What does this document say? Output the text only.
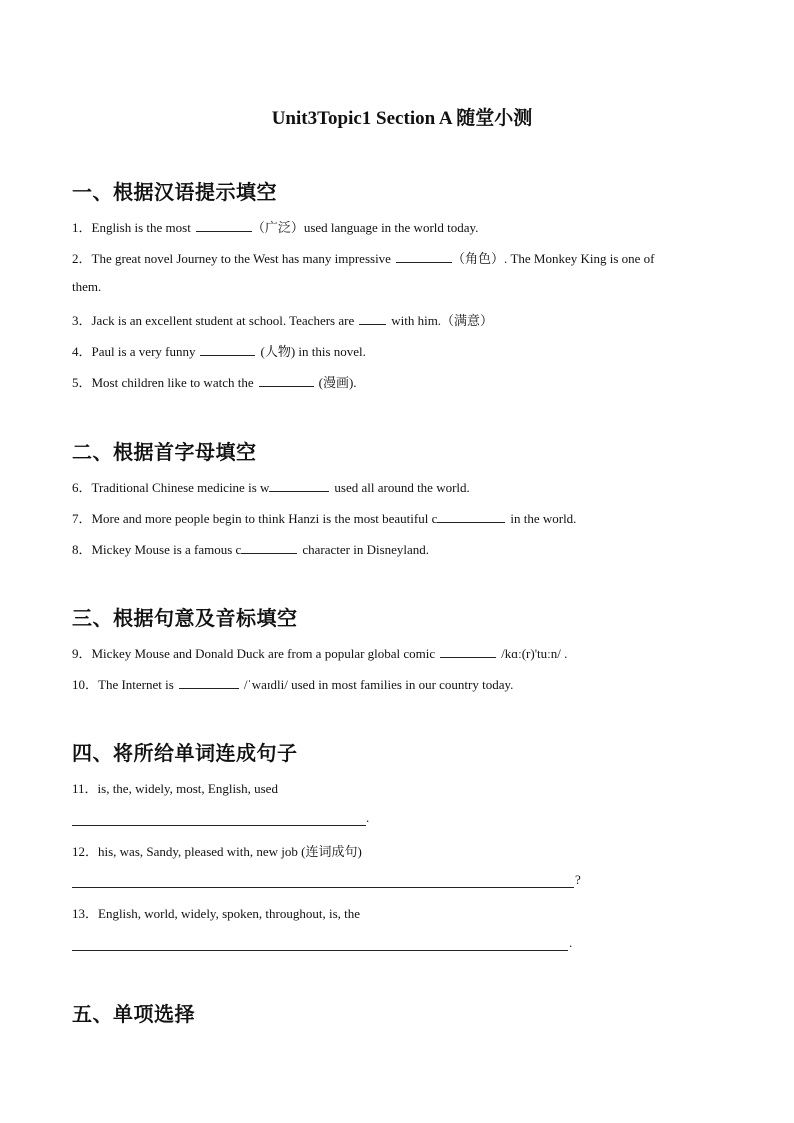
Unit3Topic1 Section A 随堂小测
一、根据汉语提示填空
1．English is the most	（广泛）used language in the world today.
2．The great novel Journey to the West has many impressive	（角色）. The Monkey King is one of
them.
3．Jack is an excellent student at school. Teachers are	with him.（满意）
4．Paul is a very funny	(人物) in this novel.
5．Most children like to watch the	(漫画).
二、根据首字母填空
6．Traditional Chinese medicine is w	used all around the world.
7．More and more people begin to think Hanzi is the most beautiful c	in the world.
8．Mickey Mouse is a famous c	character in Disneyland.
三、根据句意及音标填空
9．Mickey Mouse and Donald Duck are from a popular global comic	/kɑː(r)'tuːn/ .
10．The Internet is	/ˈwaɪdli/ used in most families in our country today.
四、将所给单词连成句子
11．is, the, widely, most, English, used
.
12．his, was, Sandy, pleased with, new job (连词成句)
?
13．English, world, widely, spoken, throughout, is, the
.
五、单项选择
